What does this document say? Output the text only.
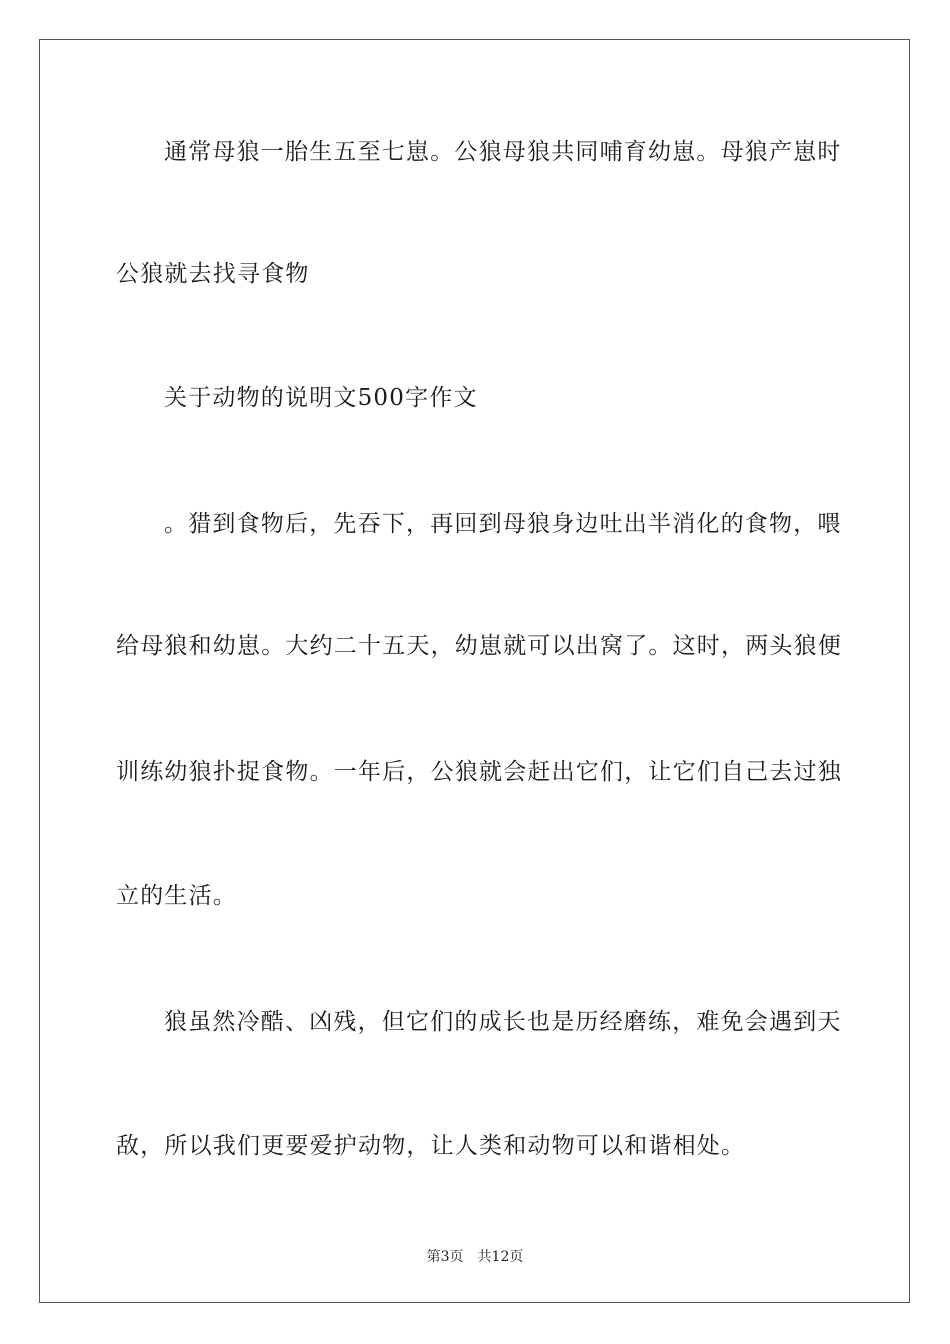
通常母狼一胎生五至七崽。公狼母狼共同哺育幼崽。母狼产崽时
公狼就去找寻食物
关于动物的说明文500字作文
。猎到食物后，先吞下，再回到母狼身边吐出半消化的食物，喂
给母狼和幼崽。大约二十五天，幼崽就可以出窝了。这时，两头狼便
训练幼狼扑捉食物。一年后，公狼就会赶出它们，让它们自己去过独
立的生活。
狼虽然冷酷、凶残，但它们的成长也是历经磨练，难免会遇到天
敌，所以我们更要爱护动物，让人类和动物可以和谐相处。
第3页 共12页
